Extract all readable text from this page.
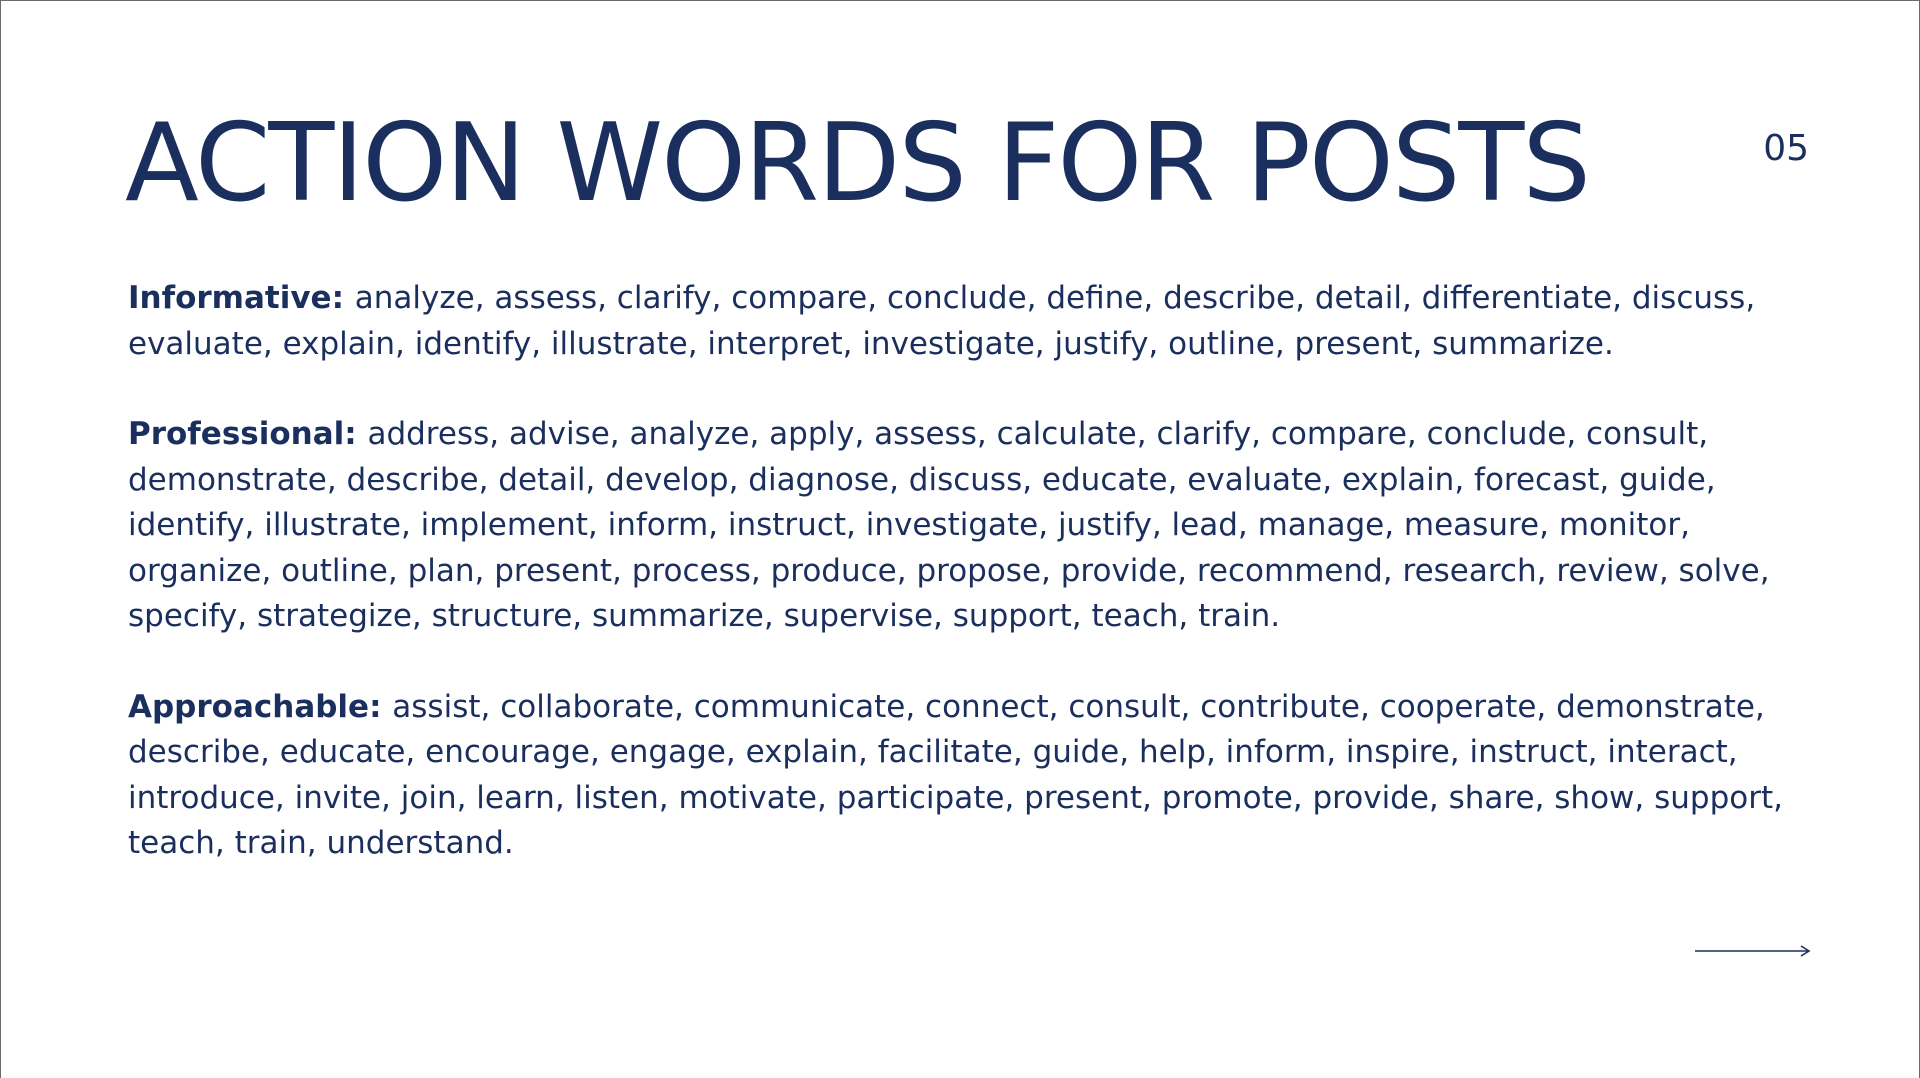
ACTION WORDS FOR POSTS	05

Informative: analyze, assess, clarify, compare, conclude, define, describe, detail, differentiate, discuss, evaluate, explain, identify, illustrate, interpret, investigate, justify, outline, present, summarize.

Professional: address, advise, analyze, apply, assess, calculate, clarify, compare, conclude, consult, demonstrate, describe, detail, develop, diagnose, discuss, educate, evaluate, explain, forecast, guide, identify, illustrate, implement, inform, instruct, investigate, justify, lead, manage, measure, monitor, organize, outline, plan, present, process, produce, propose, provide, recommend, research, review, solve, specify, strategize, structure, summarize, supervise, support, teach, train.

Approachable: assist, collaborate, communicate, connect, consult, contribute, cooperate, demonstrate, describe, educate, encourage, engage, explain, facilitate, guide, help, inform, inspire, instruct, interact, introduce, invite, join, learn, listen, motivate, participate, present, promote, provide, share, show, support, teach, train, understand.
